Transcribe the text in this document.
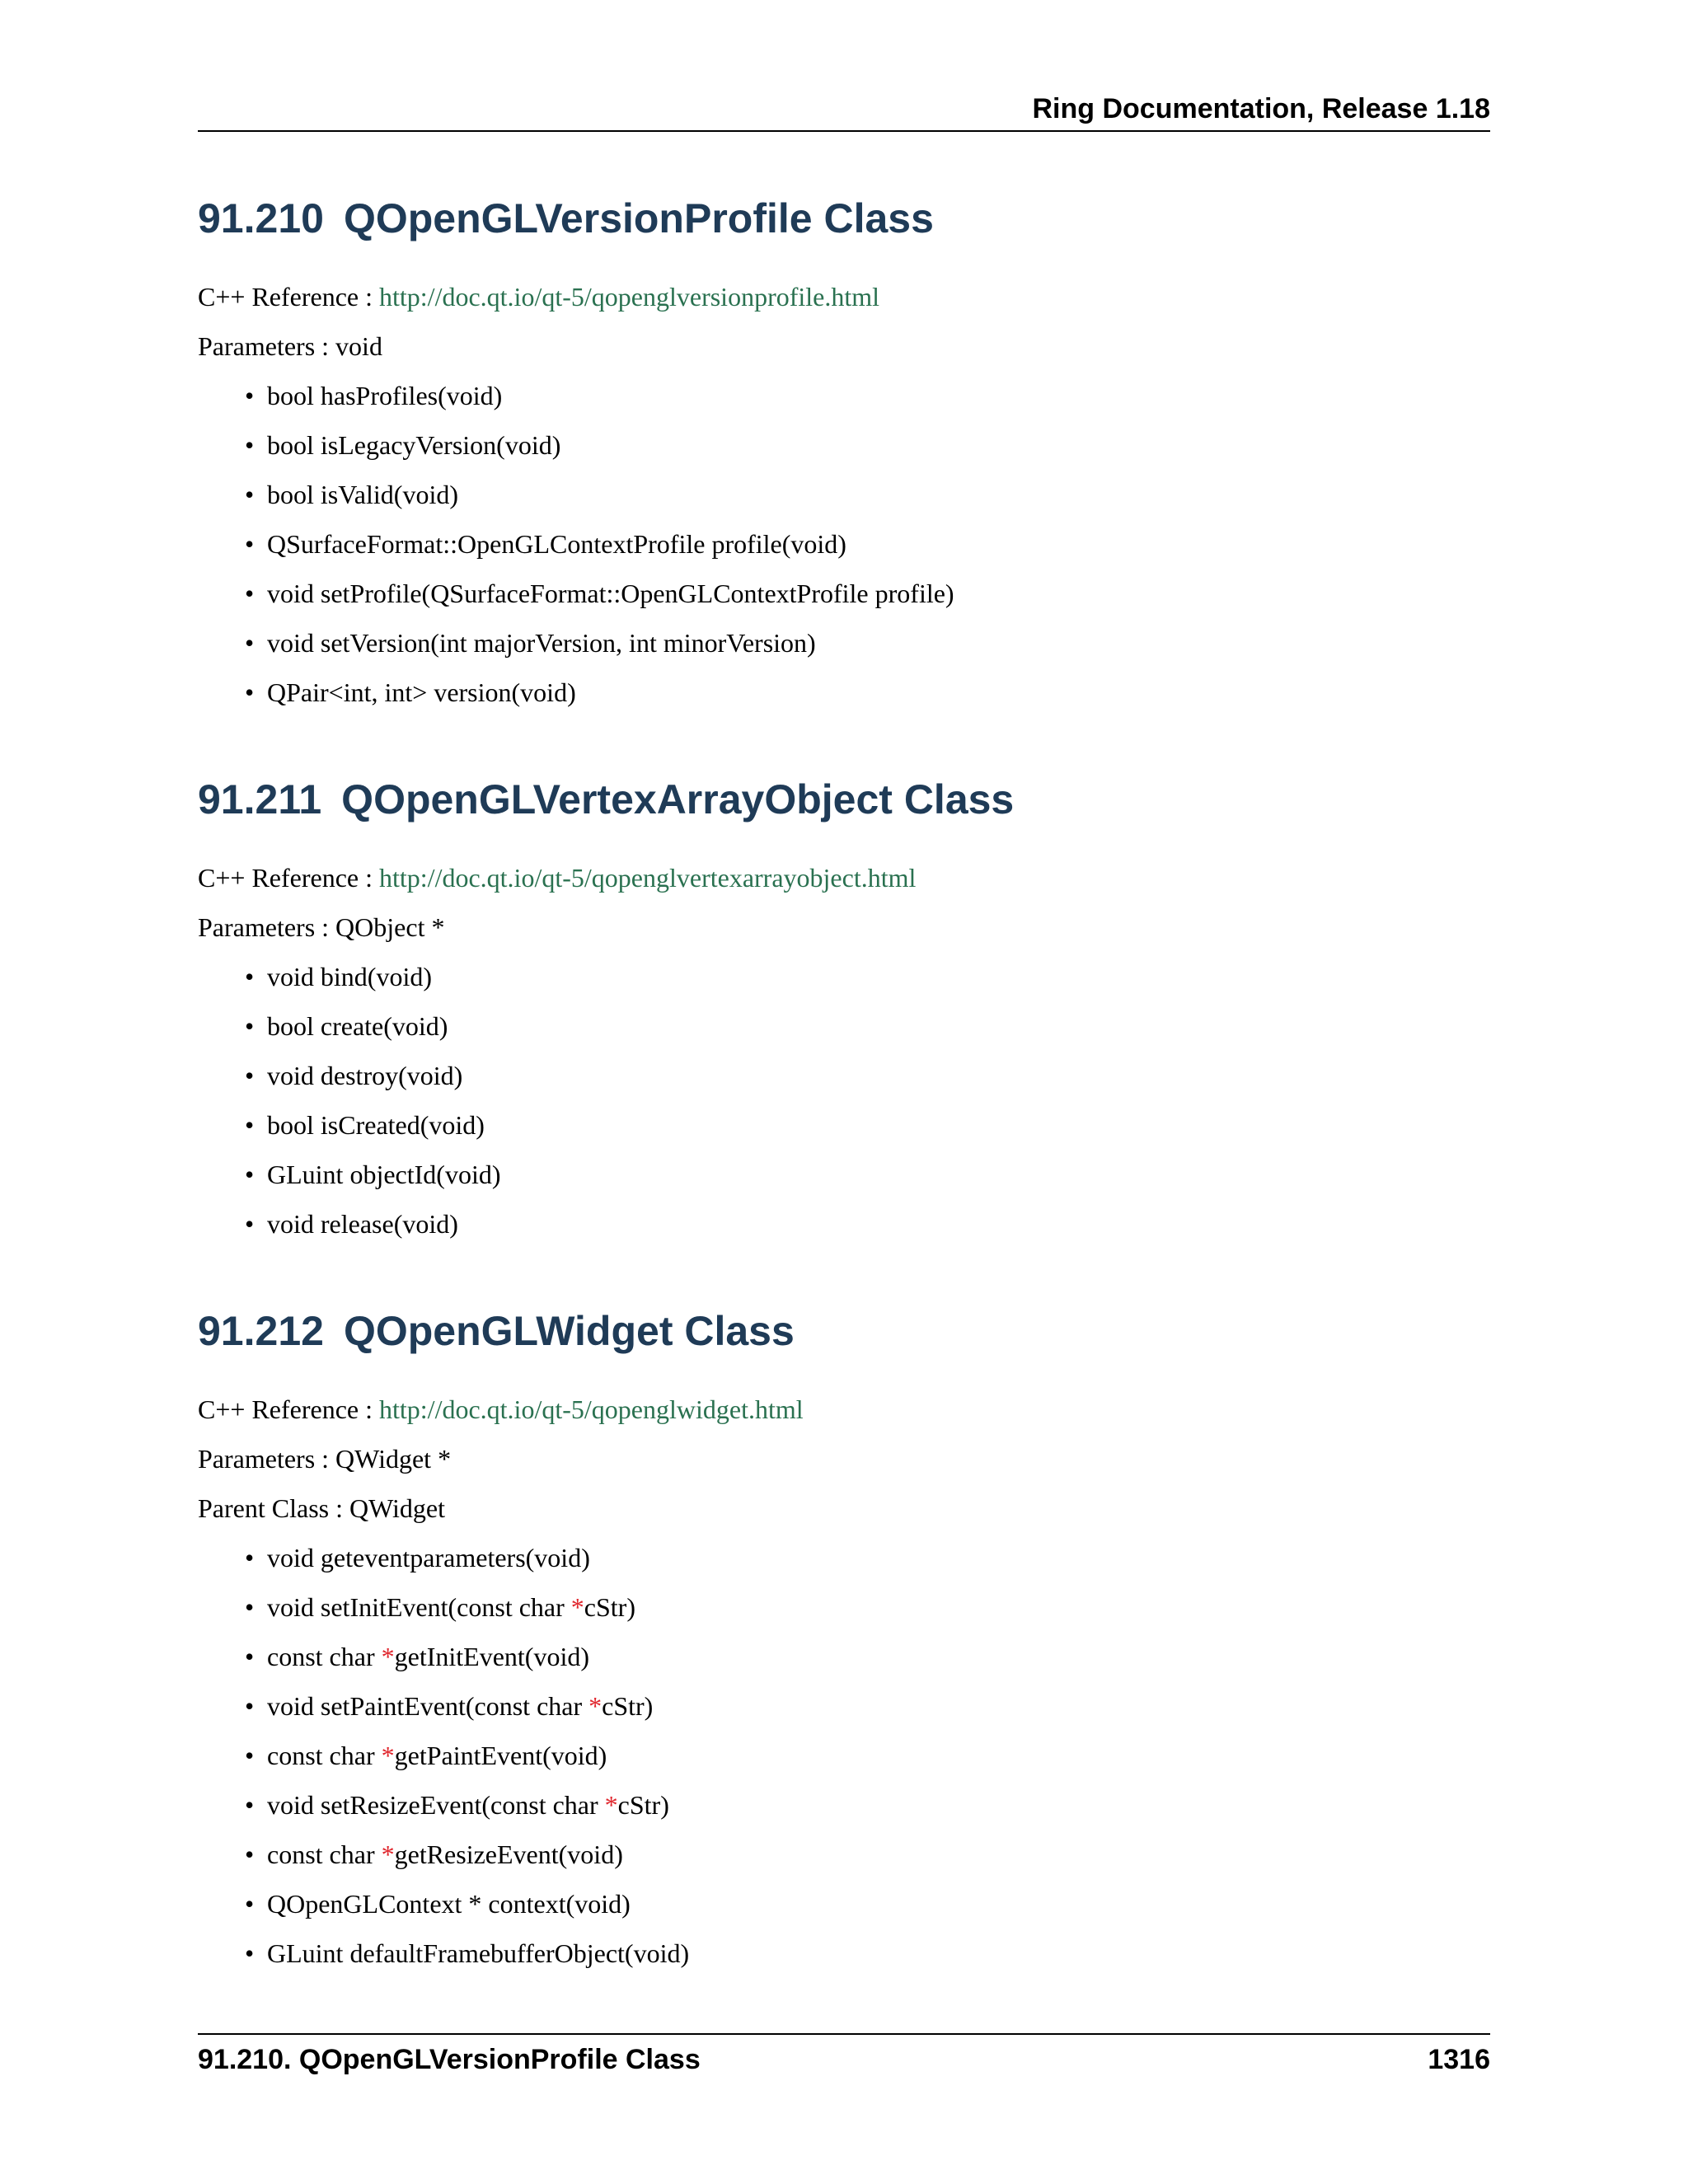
Ring Documentation, Release 1.18
91.210 QOpenGLVersionProfile Class
C++ Reference : http://doc.qt.io/qt-5/qopenglversionprofile.html
Parameters : void
• bool hasProfiles(void)
• bool isLegacyVersion(void)
• bool isValid(void)
• QSurfaceFormat::OpenGLContextProfile profile(void)
• void setProfile(QSurfaceFormat::OpenGLContextProfile profile)
• void setVersion(int majorVersion, int minorVersion)
• QPair<int, int> version(void)
91.211 QOpenGLVertexArrayObject Class
C++ Reference : http://doc.qt.io/qt-5/qopenglvertexarrayobject.html
Parameters : QObject *
• void bind(void)
• bool create(void)
• void destroy(void)
• bool isCreated(void)
• GLuint objectId(void)
• void release(void)
91.212 QOpenGLWidget Class
C++ Reference : http://doc.qt.io/qt-5/qopenglwidget.html
Parameters : QWidget *
Parent Class : QWidget
• void geteventparameters(void)
• void setInitEvent(const char *cStr)
• const char *getInitEvent(void)
• void setPaintEvent(const char *cStr)
• const char *getPaintEvent(void)
• void setResizeEvent(const char *cStr)
• const char *getResizeEvent(void)
• QOpenGLContext * context(void)
• GLuint defaultFramebufferObject(void)
91.210. QOpenGLVersionProfile Class	1316
